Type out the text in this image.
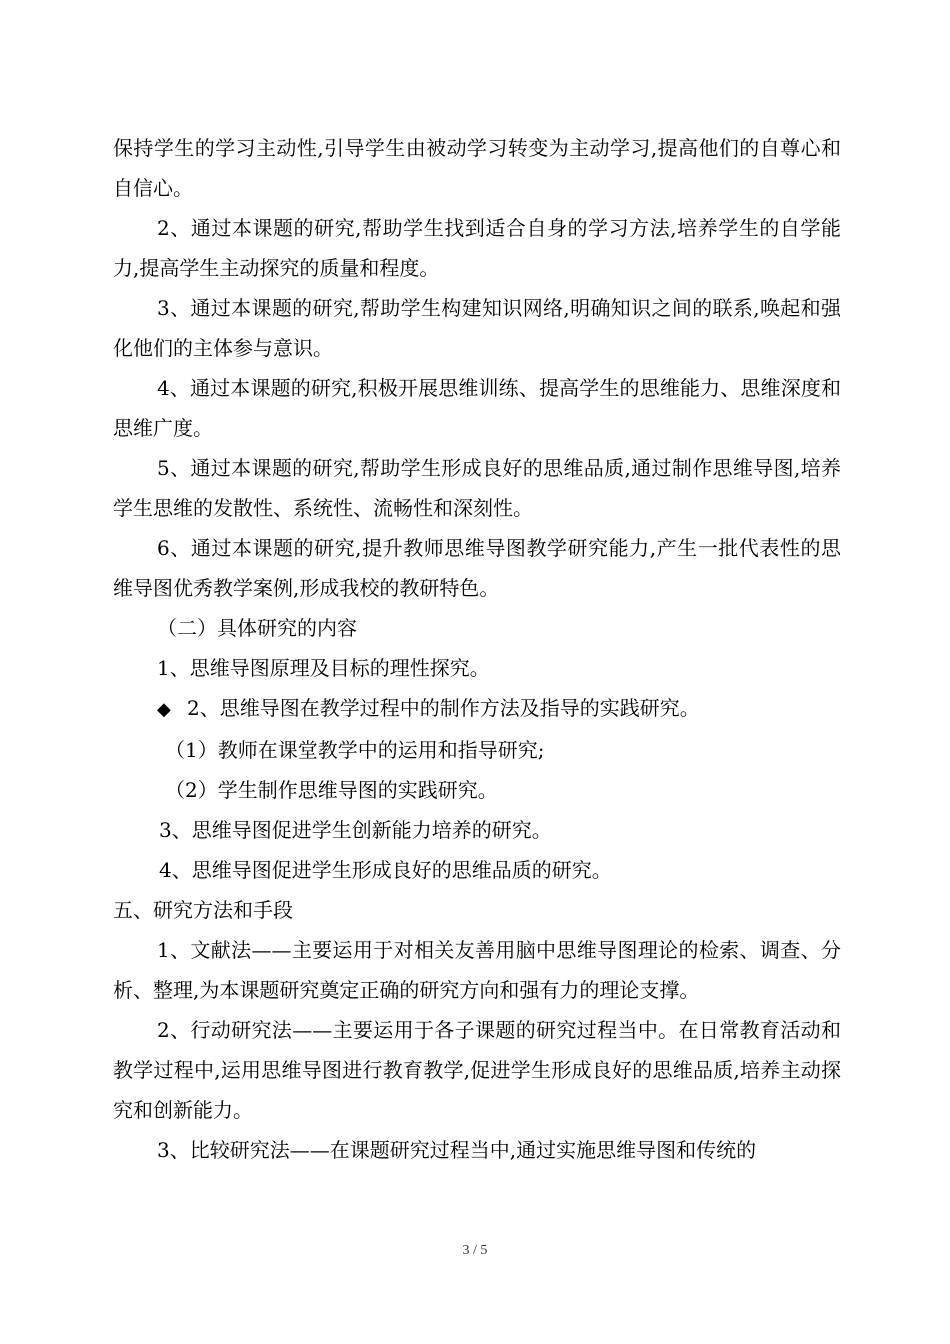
保持学生的学习主动性,引导学生由被动学习转变为主动学习,提高他们的自尊心和自信心。

2、通过本课题的研究,帮助学生找到适合自身的学习方法,培养学生的自学能力,提高学生主动探究的质量和程度。

3、通过本课题的研究,帮助学生构建知识网络,明确知识之间的联系,唤起和强化他们的主体参与意识。

4、通过本课题的研究,积极开展思维训练、提高学生的思维能力、思维深度和思维广度。

5、通过本课题的研究,帮助学生形成良好的思维品质,通过制作思维导图,培养学生思维的发散性、系统性、流畅性和深刻性。

6、通过本课题的研究,提升教师思维导图教学研究能力,产生一批代表性的思维导图优秀教学案例,形成我校的教研特色。

（二）具体研究的内容

1、思维导图原理及目标的理性探究。

◆ 2、思维导图在教学过程中的制作方法及指导的实践研究。

（1）教师在课堂教学中的运用和指导研究;

（2）学生制作思维导图的实践研究。

3、思维导图促进学生创新能力培养的研究。

4、思维导图促进学生形成良好的思维品质的研究。

五、研究方法和手段

1、文献法——主要运用于对相关友善用脑中思维导图理论的检索、调查、分析、整理,为本课题研究奠定正确的研究方向和强有力的理论支撑。

2、行动研究法——主要运用于各子课题的研究过程当中。在日常教育活动和教学过程中,运用思维导图进行教育教学,促进学生形成良好的思维品质,培养主动探究和创新能力。

3、比较研究法——在课题研究过程当中,通过实施思维导图和传统的

3 / 5
